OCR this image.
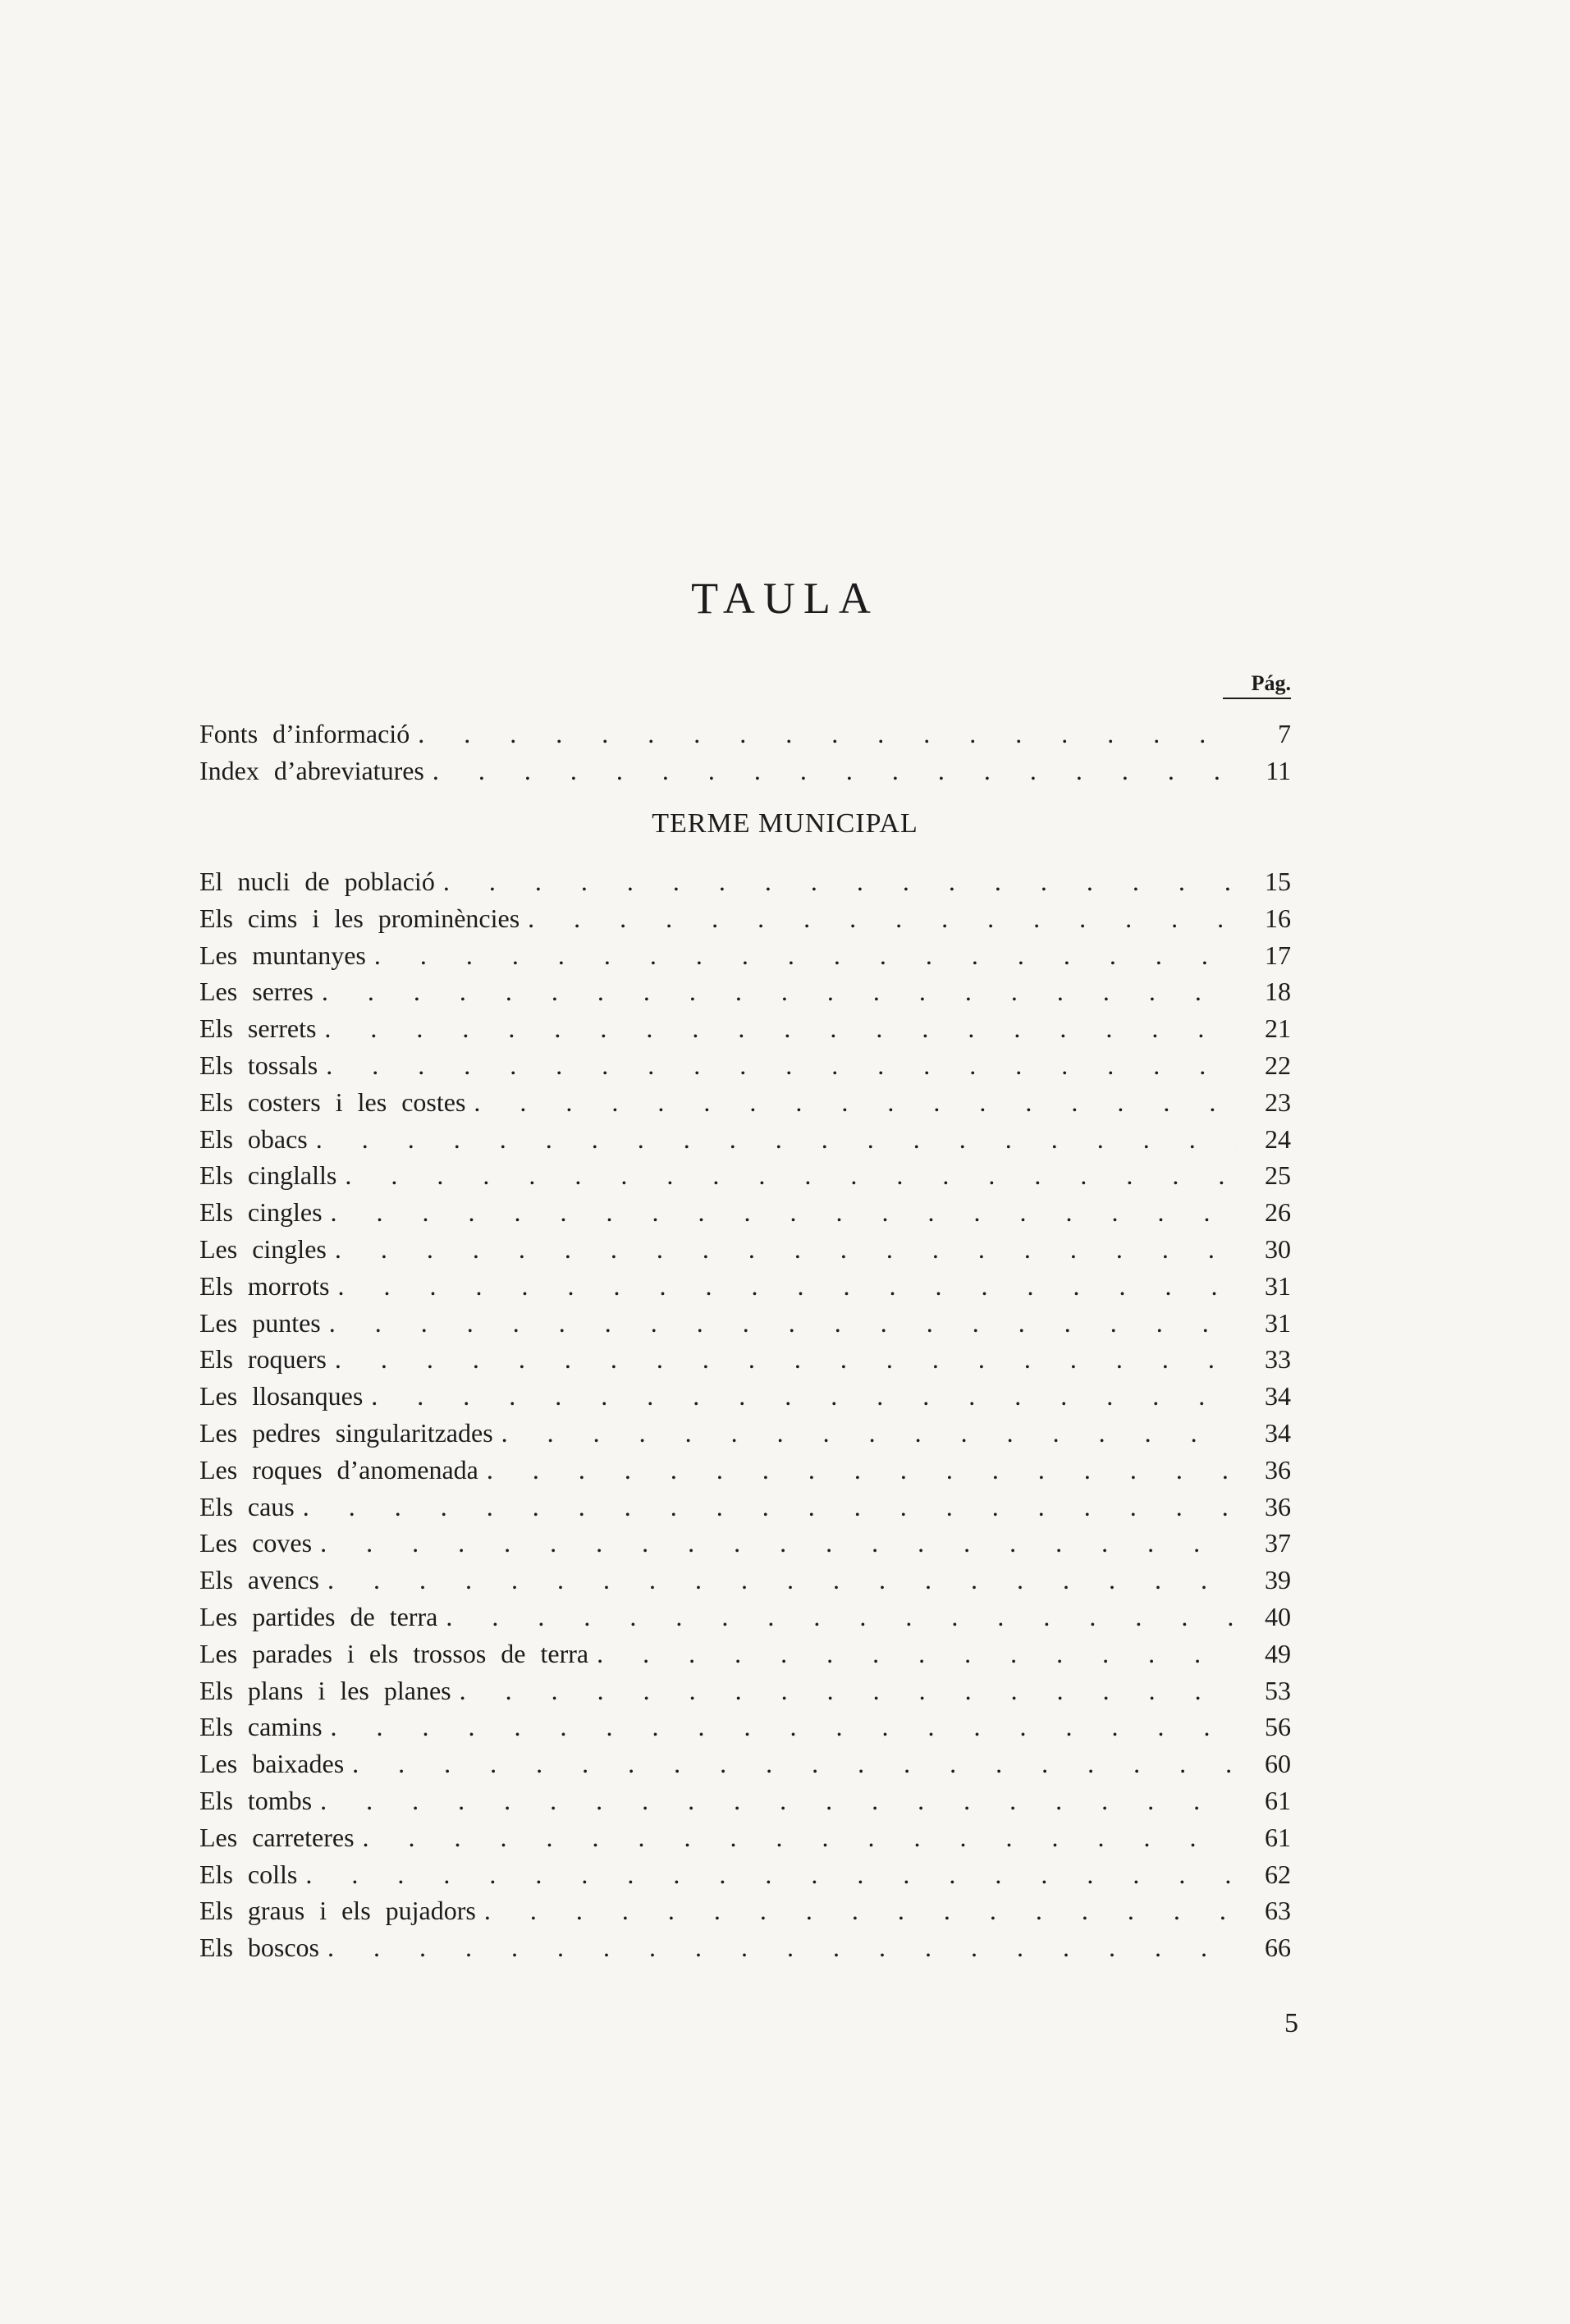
TAULA
Pág.
Fonts d’informació . . .	7
Index d’abreviatures . . .	11
TERME MUNICIPAL
El nucli de població . . .	15
Els cims i les prominències . . .	16
Les muntanyes . . .	17
Les serres . . .	18
Els serrets . . .	21
Els tossals . . .	22
Els costers i les costes . . .	23
Els obacs . . .	24
Els cinglalls . . .	25
Els cingles . . .	26
Les cingles . . .	30
Els morrots . . .	31
Les puntes . . .	31
Els roquers . . .	33
Les llosanques . . .	34
Les pedres singularitzades . . .	34
Les roques d’anomenada . . .	36
Els caus . . .	36
Les coves . . .	37
Els avencs . . .	39
Les partides de terra . . .	40
Les parades i els trossos de terra . . .	49
Els plans i les planes . . .	53
Els camins . . .	56
Les baixades . . .	60
Els tombs . . .	61
Les carreteres . . .	61
Els colls . . .	62
Els graus i els pujadors . . .	63
Els boscos . . .	66
5
